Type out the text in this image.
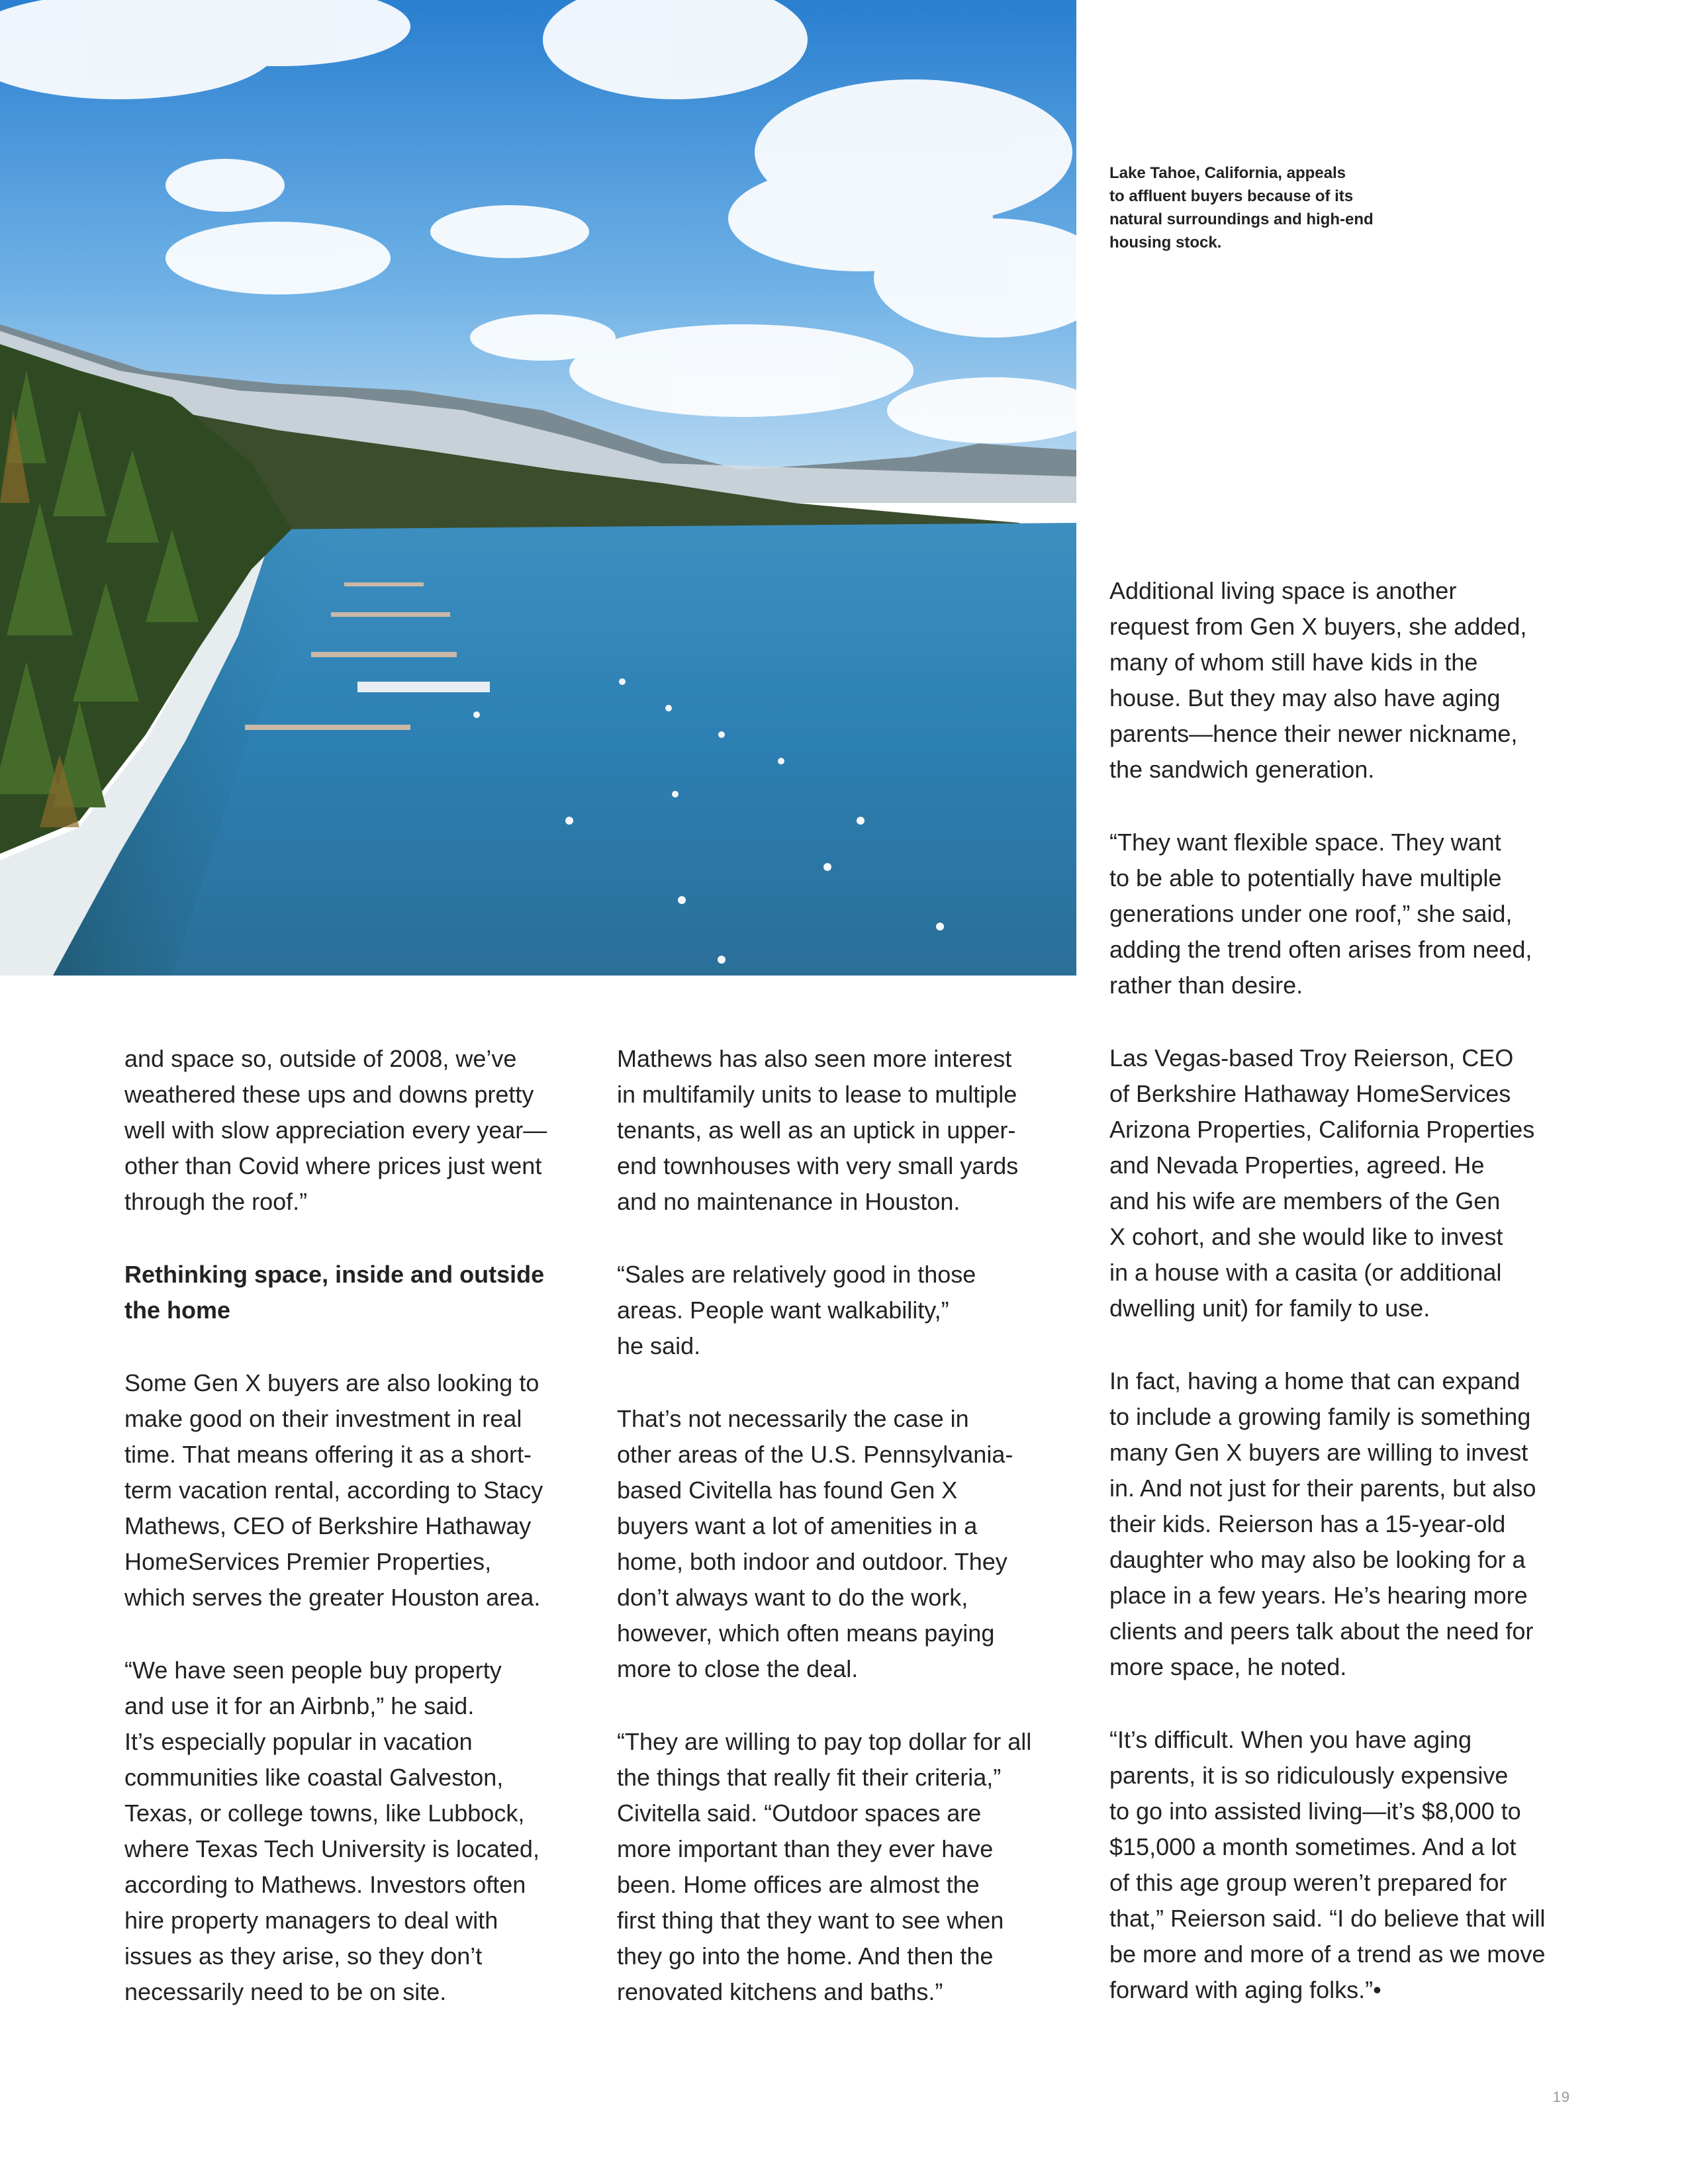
Lake Tahoe, California, appeals
to affluent buyers because of its
natural surroundings and high-end
housing stock.

and space so, outside of 2008, we’ve
weathered these ups and downs pretty
well with slow appreciation every year—
other than Covid where prices just went
through the roof.”

Rethinking space, inside and outside
the home

Some Gen X buyers are also looking to
make good on their investment in real
time. That means offering it as a short-
term vacation rental, according to Stacy
Mathews, CEO of Berkshire Hathaway
HomeServices Premier Properties,
which serves the greater Houston area.

“We have seen people buy property
and use it for an Airbnb,” he said.
It’s especially popular in vacation
communities like coastal Galveston,
Texas, or college towns, like Lubbock,
where Texas Tech University is located,
according to Mathews. Investors often
hire property managers to deal with
issues as they arise, so they don’t
necessarily need to be on site.

Mathews has also seen more interest
in multifamily units to lease to multiple
tenants, as well as an uptick in upper-
end townhouses with very small yards
and no maintenance in Houston.

“Sales are relatively good in those
areas. People want walkability,”
he said.

That’s not necessarily the case in
other areas of the U.S. Pennsylvania-
based Civitella has found Gen X
buyers want a lot of amenities in a
home, both indoor and outdoor. They
don’t always want to do the work,
however, which often means paying
more to close the deal.

“They are willing to pay top dollar for all
the things that really fit their criteria,”
Civitella said. “Outdoor spaces are
more important than they ever have
been. Home offices are almost the
first thing that they want to see when
they go into the home. And then the
renovated kitchens and baths.”

Additional living space is another
request from Gen X buyers, she added,
many of whom still have kids in the
house. But they may also have aging
parents—hence their newer nickname,
the sandwich generation.

“They want flexible space. They want
to be able to potentially have multiple
generations under one roof,” she said,
adding the trend often arises from need,
rather than desire.

Las Vegas-based Troy Reierson, CEO
of Berkshire Hathaway HomeServices
Arizona Properties, California Properties
and Nevada Properties, agreed. He
and his wife are members of the Gen
X cohort, and she would like to invest
in a house with a casita (or additional
dwelling unit) for family to use.

In fact, having a home that can expand
to include a growing family is something
many Gen X buyers are willing to invest
in. And not just for their parents, but also
their kids. Reierson has a 15-year-old
daughter who may also be looking for a
place in a few years. He’s hearing more
clients and peers talk about the need for
more space, he noted.

“It’s difficult. When you have aging
parents, it is so ridiculously expensive
to go into assisted living—it’s $8,000 to
$15,000 a month sometimes. And a lot
of this age group weren’t prepared for
that,” Reierson said. “I do believe that will
be more and more of a trend as we move
forward with aging folks.”•

19
